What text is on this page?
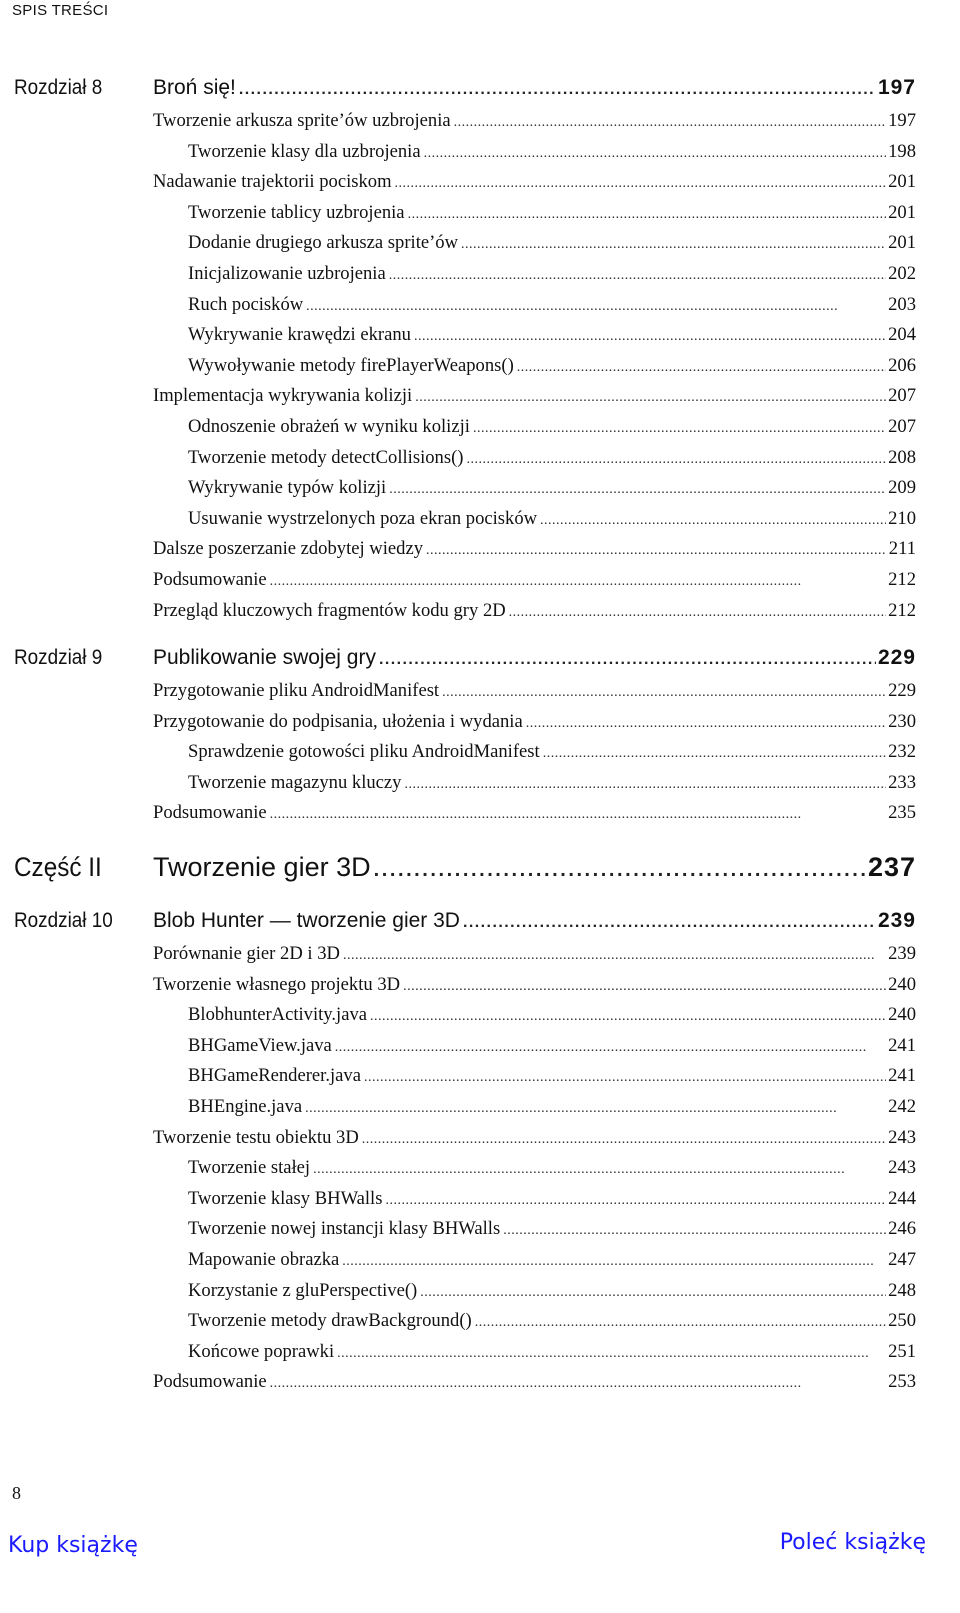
SPIS TREŚCI
Rozdział 8 Broń się! . . .	197
Tworzenie arkusza sprite’ów uzbrojenia . . .	197
Tworzenie klasy dla uzbrojenia . . .	198
Nadawanie trajektorii pociskom . . .	201
Tworzenie tablicy uzbrojenia . . .	201
Dodanie drugiego arkusza sprite’ów . . .	201
Inicjalizowanie uzbrojenia . . .	202
Ruch pocisków . . .	203
Wykrywanie krawędzi ekranu . . .	204
Wywoływanie metody firePlayerWeapons() . . .	206
Implementacja wykrywania kolizji . . .	207
Odnoszenie obrażeń w wyniku kolizji . . .	207
Tworzenie metody detectCollisions() . . .	208
Wykrywanie typów kolizji . . .	209
Usuwanie wystrzelonych poza ekran pocisków . . .	210
Dalsze poszerzanie zdobytej wiedzy . . .	211
Podsumowanie . . .	212
Przegląd kluczowych fragmentów kodu gry 2D . . .	212
Rozdział 9 Publikowanie swojej gry . . .	229
Przygotowanie pliku AndroidManifest . . .	229
Przygotowanie do podpisania, ułożenia i wydania . . .	230
Sprawdzenie gotowości pliku AndroidManifest . . .	232
Tworzenie magazynu kluczy . . .	233
Podsumowanie . . .	235
Część II Tworzenie gier 3D . . .	237
Rozdział 10 Blob Hunter — tworzenie gier 3D . . .	239
Porównanie gier 2D i 3D . . .	239
Tworzenie własnego projektu 3D . . .	240
BlobhunterActivity.java . . .	240
BHGameView.java . . .	241
BHGameRenderer.java . . .	241
BHEngine.java . . .	242
Tworzenie testu obiektu 3D . . .	243
Tworzenie stałej . . .	243
Tworzenie klasy BHWalls . . .	244
Tworzenie nowej instancji klasy BHWalls . . .	246
Mapowanie obrazka . . .	247
Korzystanie z gluPerspective() . . .	248
Tworzenie metody drawBackground() . . .	250
Końcowe poprawki . . .	251
Podsumowanie . . .	253
8
Kup książkę	Poleć książkę
